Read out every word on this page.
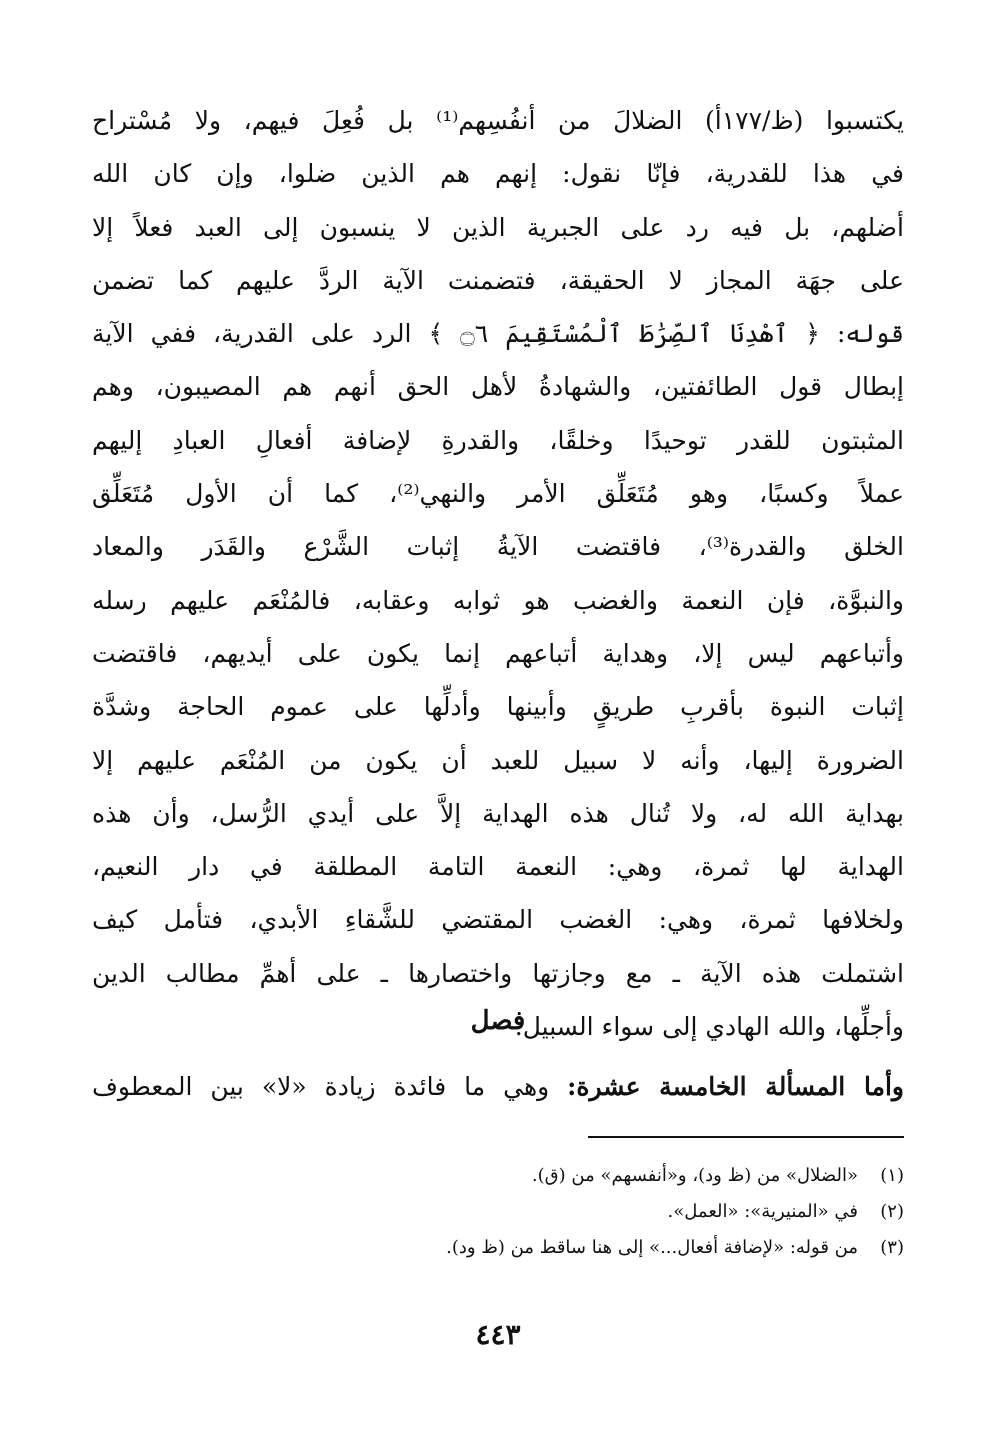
يكتسبوا (ظ/١٧٧أ) الضلالَ من أنفُسِهم⁽¹⁾ بل فُعِلَ فيهم، ولا مُسْتراح
في هذا للقدرية، فإنّا نقول: إنهم هم الذين ضلوا، وإن كان الله
أضلهم، بل فيه رد على الجبرية الذين لا ينسبون إلى العبد فعلاً إلا
على جهَة المجاز لا الحقيقة، فتضمنت الآية الردَّ عليهم كما تضمن
قوله: ﴿ ٱهْدِنَا ٱلصِّرَٰطَ ٱلْمُسْتَقِيمَ ۝٦ ﴾ الرد على القدرية، ففي الآية
إبطال قول الطائفتين، والشهادةُ لأهل الحق أنهم هم المصيبون، وهم
المثبتون للقدر توحيدًا وخلقًا، والقدرةِ لإضافة أفعالِ العبادِ إليهم
عملاً وكسبًا، وهو مُتَعَلِّق الأمر والنهي⁽²⁾، كما أن الأول مُتَعَلِّق
الخلق والقدرة⁽³⁾، فاقتضت الآيةُ إثبات الشَّرْع والقَدَر والمعاد
والنبوَّة، فإن النعمة والغضب هو ثوابه وعقابه، فالمُنْعَم عليهم رسله
وأتباعهم ليس إلا، وهداية أتباعهم إنما يكون على أيديهم، فاقتضت
إثبات النبوة بأقربِ طريقٍ وأبينها وأدلِّها على عموم الحاجة وشدَّة
الضرورة إليها، وأنه لا سبيل للعبد أن يكون من المُنْعَم عليهم إلا
بهداية الله له، ولا تُنال هذه الهداية إلاَّ على أيدي الرُّسل، وأن هذه
الهداية لها ثمرة، وهي: النعمة التامة المطلقة في دار النعيم،
ولخلافها ثمرة، وهي: الغضب المقتضي للشَّقاءِ الأبدي، فتأمل كيف
اشتملت هذه الآية ـ مع وجازتها واختصارها ـ على أهمِّ مطالب الدين
وأجلِّها، والله الهادي إلى سواء السبيل.
فصل
وأما المسألة الخامسة عشرة: وهي ما فائدة زيادة «لا» بين المعطوف
(١)«الضلال» من (ظ ود)، و«أنفسهم» من (ق).
(٢)في «المنيرية»: «العمل».
(٣)من قوله: «لإضافة أفعال...» إلى هنا ساقط من (ظ ود).
٤٤٣
